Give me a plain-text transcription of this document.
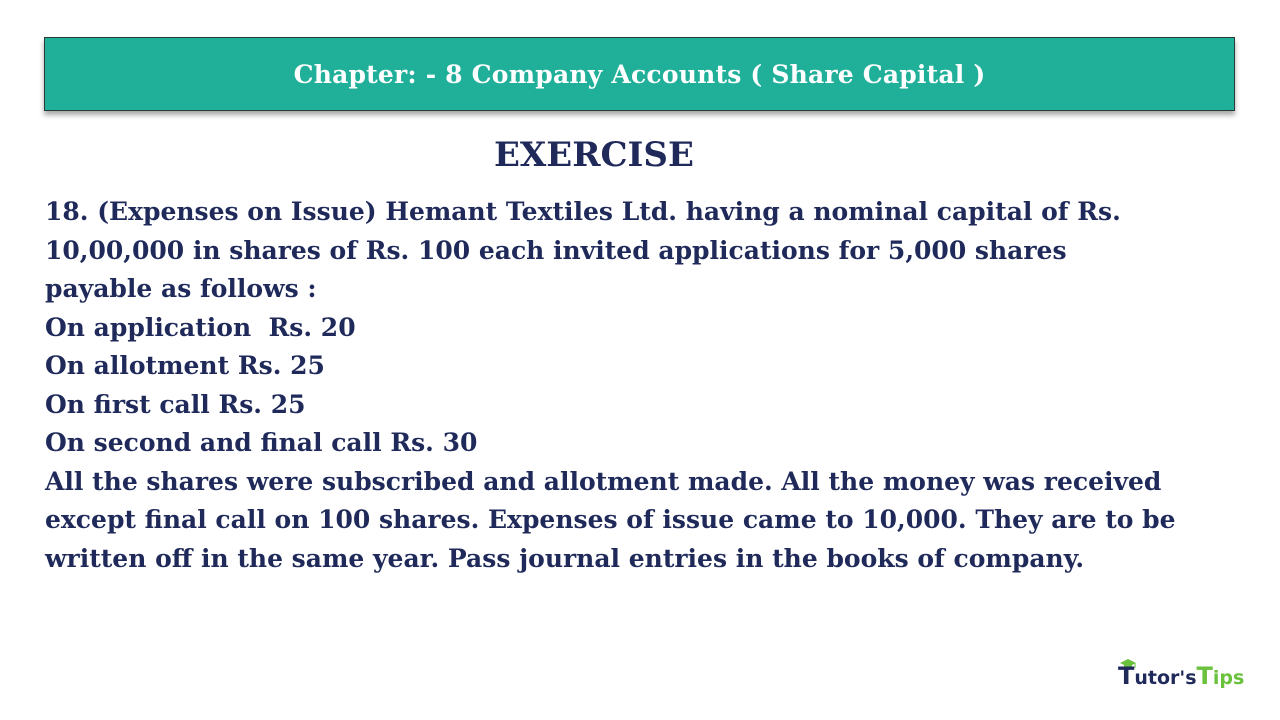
Chapter: - 8 Company Accounts ( Share Capital )
EXERCISE
18. (Expenses on Issue) Hemant Textiles Ltd. having a nominal capital of Rs.
10,00,000 in shares of Rs. 100 each invited applications for 5,000 shares
payable as follows :
On application  Rs. 20
On allotment Rs. 25
On first call Rs. 25
On second and final call Rs. 30
All the shares were subscribed and allotment made. All the money was received
except final call on 100 shares. Expenses of issue came to 10,000. They are to be
written off in the same year. Pass journal entries in the books of company.
T utor's T ips
